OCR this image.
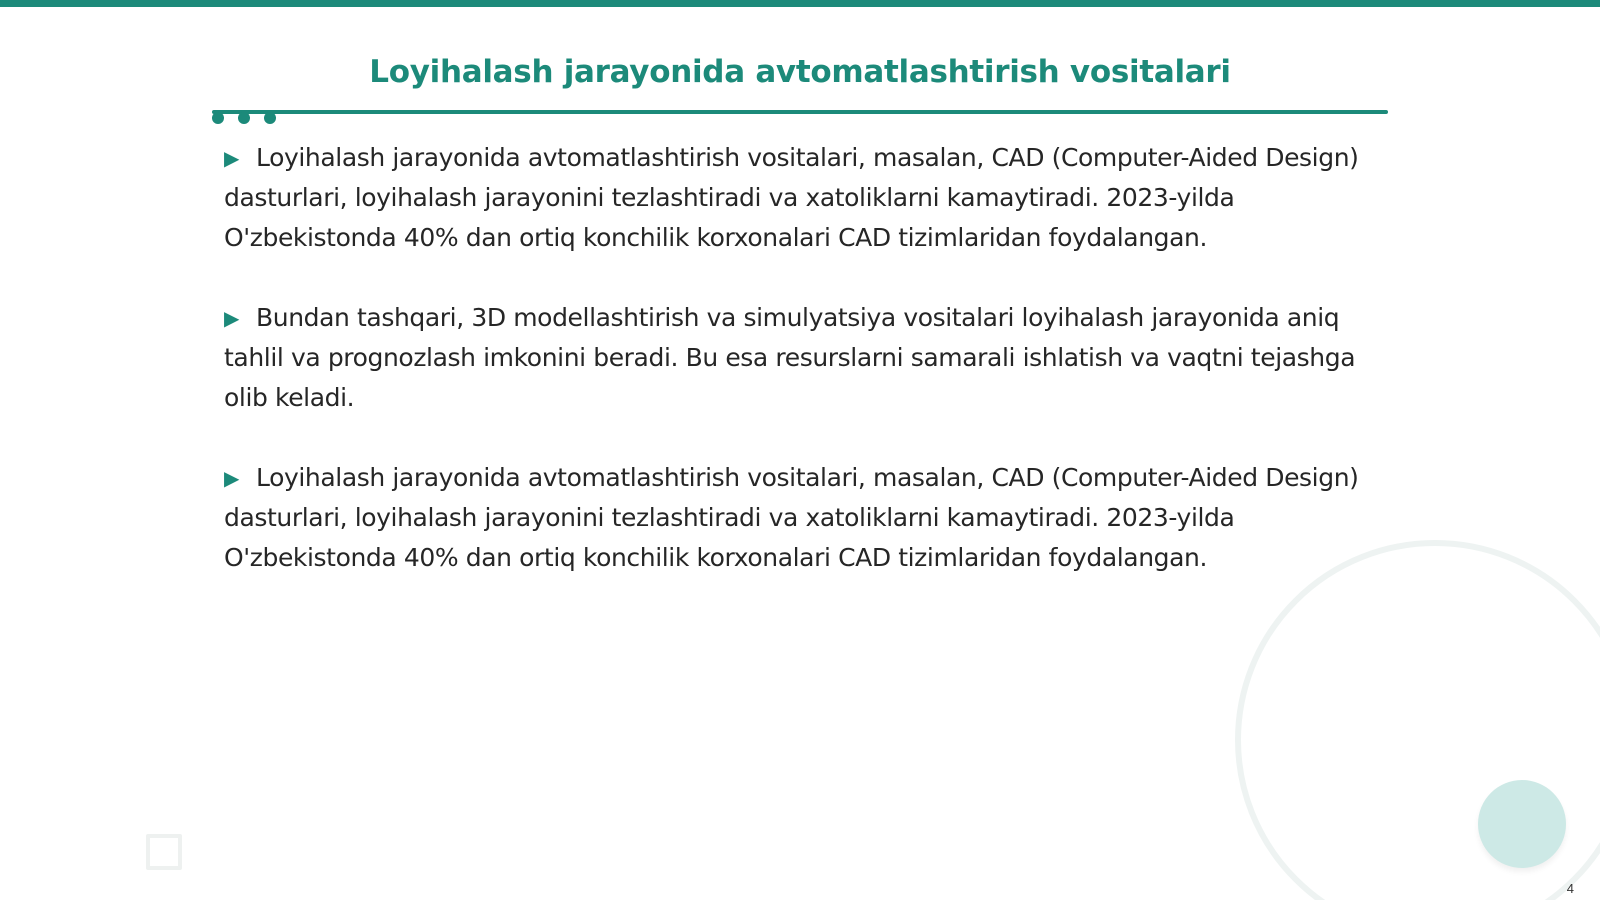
Loyihalash jarayonida avtomatlashtirish vositalari

▶ Loyihalash jarayonida avtomatlashtirish vositalari, masalan, CAD (Computer-Aided Design) dasturlari, loyihalash jarayonini tezlashtiradi va xatoliklarni kamaytiradi. 2023-yilda O'zbekistonda 40% dan ortiq konchilik korxonalari CAD tizimlaridan foydalangan.

▶ Bundan tashqari, 3D modellashtirish va simulyatsiya vositalari loyihalash jarayonida aniq tahlil va prognozlash imkonini beradi. Bu esa resurslarni samarali ishlatish va vaqtni tejashga olib keladi.

▶ Loyihalash jarayonida avtomatlashtirish vositalari, masalan, CAD (Computer-Aided Design) dasturlari, loyihalash jarayonini tezlashtiradi va xatoliklarni kamaytiradi. 2023-yilda O'zbekistonda 40% dan ortiq konchilik korxonalari CAD tizimlaridan foydalangan.

4
